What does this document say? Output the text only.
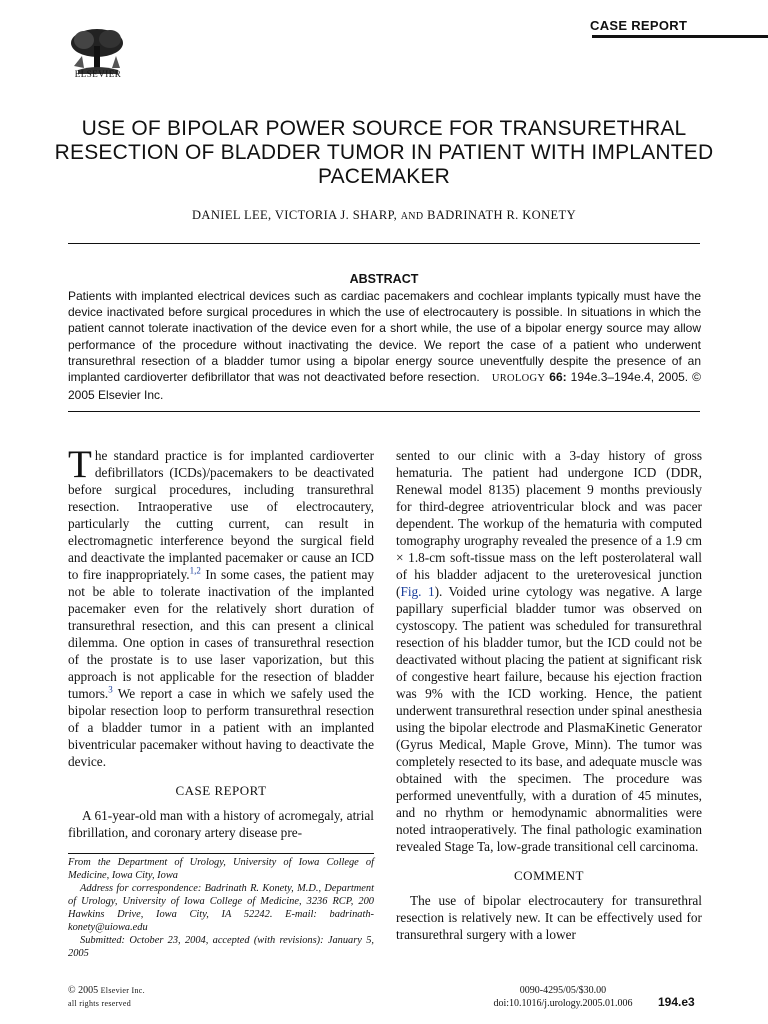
ELSEVIER
CASE REPORT
USE OF BIPOLAR POWER SOURCE FOR TRANSURETHRAL RESECTION OF BLADDER TUMOR IN PATIENT WITH IMPLANTED PACEMAKER
DANIEL LEE, VICTORIA J. SHARP, AND BADRINATH R. KONETY
ABSTRACT
Patients with implanted electrical devices such as cardiac pacemakers and cochlear implants typically must have the device inactivated before surgical procedures in which the use of electrocautery is possible. In situations in which the patient cannot tolerate inactivation of the device even for a short while, the use of a bipolar energy source may allow performance of the procedure without inactivating the device. We report the case of a patient who underwent transurethral resection of a bladder tumor using a bipolar energy source uneventfully despite the presence of an implanted cardioverter defibrillator that was not deactivated before resection. UROLOGY 66: 194e.3–194e.4, 2005. © 2005 Elsevier Inc.

The standard practice is for implanted cardioverter defibrillators (ICDs)/pacemakers to be deactivated before surgical procedures, including transurethral resection. Intraoperative use of electrocautery, particularly the cutting current, can result in electromagnetic interference beyond the surgical field and deactivate the implanted pacemaker or cause an ICD to fire inappropriately.$^{1,2}$ In some cases, the patient may not be able to tolerate inactivation of the implanted pacemaker even for the relatively short duration of transurethral resection, and this can present a clinical dilemma. One option in cases of transurethral resection of the prostate is to use laser vaporization, but this approach is not applicable for the resection of bladder tumors.$^3$ We report a case in which we safely used the bipolar resection loop to perform transurethral resection of a bladder tumor in a patient with an implanted biventricular pacemaker without having to deactivate the device.

CASE REPORT

A 61-year-old man with a history of acromegaly, atrial fibrillation, and coronary artery disease pre-

sented to our clinic with a 3-day history of gross hematuria. The patient had undergone ICD (DDR, Renewal model 8135) placement 9 months previously for third-degree atrioventricular block and was pacer dependent. The workup of the hematuria with computed tomography urography revealed the presence of a 1.9 cm × 1.8-cm soft-tissue mass on the left posterolateral wall of his bladder adjacent to the ureterovesical junction (Fig. 1). Voided urine cytology was negative. A large papillary superficial bladder tumor was observed on cystoscopy. The patient was scheduled for transurethral resection of his bladder tumor, but the ICD could not be deactivated without placing the patient at significant risk of congestive heart failure, because his ejection fraction was 9% with the ICD working. Hence, the patient underwent transurethral resection under spinal anesthesia using the bipolar electrode and PlasmaKinetic Generator (Gyrus Medical, Maple Grove, Minn). The tumor was completely resected to its base, and adequate muscle was obtained with the specimen. The procedure was performed uneventfully, with a duration of 45 minutes, and no rhythm or hemodynamic abnormalities were noted intraoperatively. The final pathologic examination revealed Stage Ta, low-grade transitional cell carcinoma.

COMMENT

The use of bipolar electrocautery for transurethral resection is relatively new. It can be effectively used for transurethral surgery with a lower

From the Department of Urology, University of Iowa College of Medicine, Iowa City, Iowa

Address for correspondence: Badrinath R. Konety, M.D., Department of Urology, University of Iowa College of Medicine, 3236 RCP, 200 Hawkins Drive, Iowa City, IA 52242. E-mail: badrinath-konety@uiowa.edu

Submitted: October 23, 2004, accepted (with revisions): January 5, 2005

© 2005 Elsevier Inc.
all rights reserved
0090-4295/05/$30.00
doi:10.1016/j.urology.2005.01.006	194.e3
